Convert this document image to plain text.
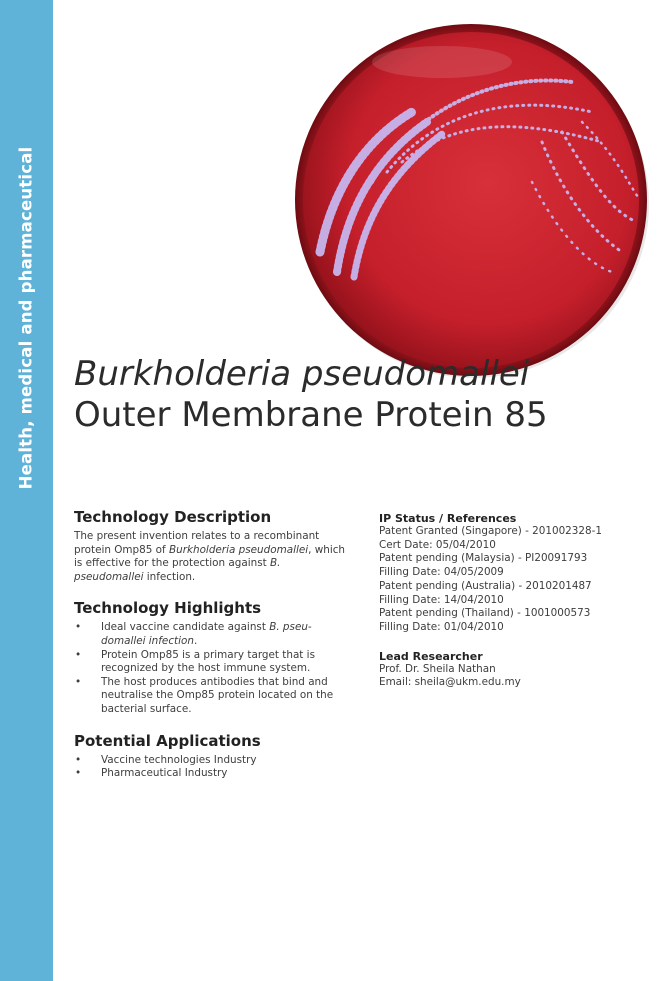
Health, medical and pharmaceutical Burkholderia pseudomallei Outer Membrane Protein 85
Technology Description

The present invention relates to a recombinant protein Omp85 of Burkholderia pseudomallei, which is effective for the protection against B. pseudomallei infection.

Technology Highlights
• Ideal vaccine candidate against B. pseu-domallei infection.
• Protein Omp85 is a primary target that is recognized by the host immune system.
• The host produces antibodies that bind and neutralise the Omp85 protein located on the bacterial surface.
Potential Applications
• Vaccine technologies Industry
• Pharmaceutical Industry
IP Status / References
Patent Granted (Singapore) - 201002328-1
Cert Date: 05/04/2010
Patent pending (Malaysia) - PI20091793
Filling Date: 04/05/2009
Patent pending (Australia) - 2010201487
Filling Date: 14/04/2010
Patent pending (Thailand) - 1001000573
Filling Date: 01/04/2010
Lead Researcher
Prof. Dr. Sheila Nathan
Email: sheila@ukm.edu.my
